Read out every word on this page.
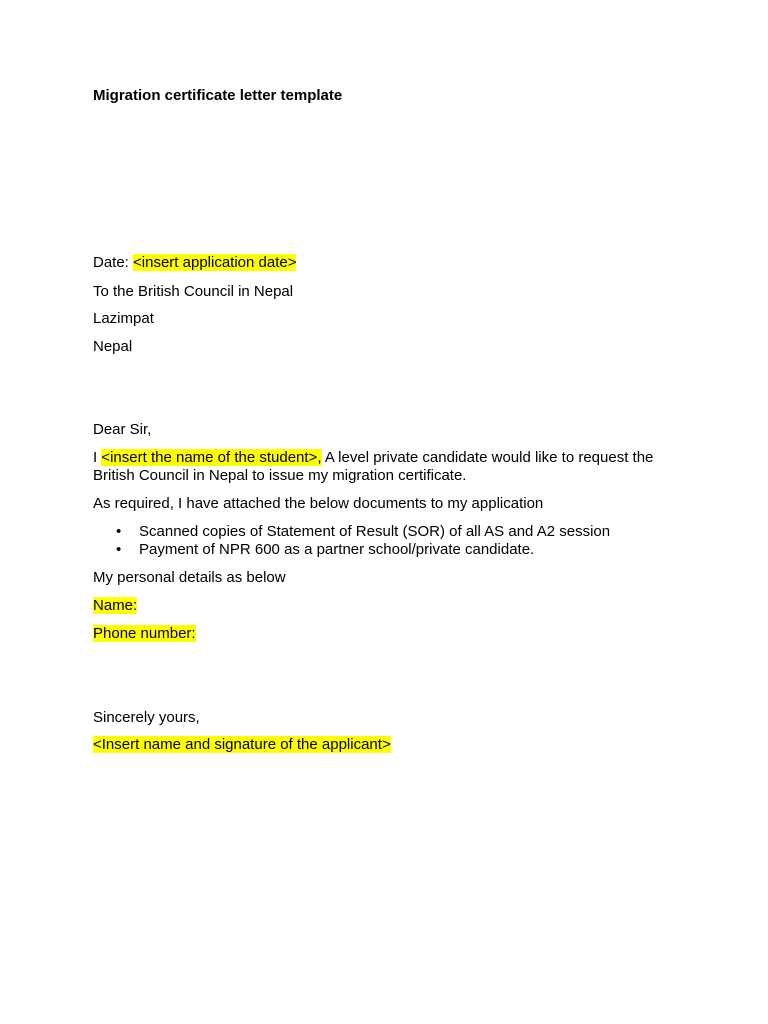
Migration certificate letter template

Date: <insert application date>

To the British Council in Nepal

Lazimpat

Nepal

Dear Sir,

I <insert the name of the student>, A level private candidate would like to request the

British Council in Nepal to issue my migration certificate.

As required, I have attached the below documents to my application

• Scanned copies of Statement of Result (SOR) of all AS and A2 session
• Payment of NPR 600 as a partner school/private candidate.

My personal details as below

Name:

Phone number:

Sincerely yours,

<Insert name and signature of the applicant>
